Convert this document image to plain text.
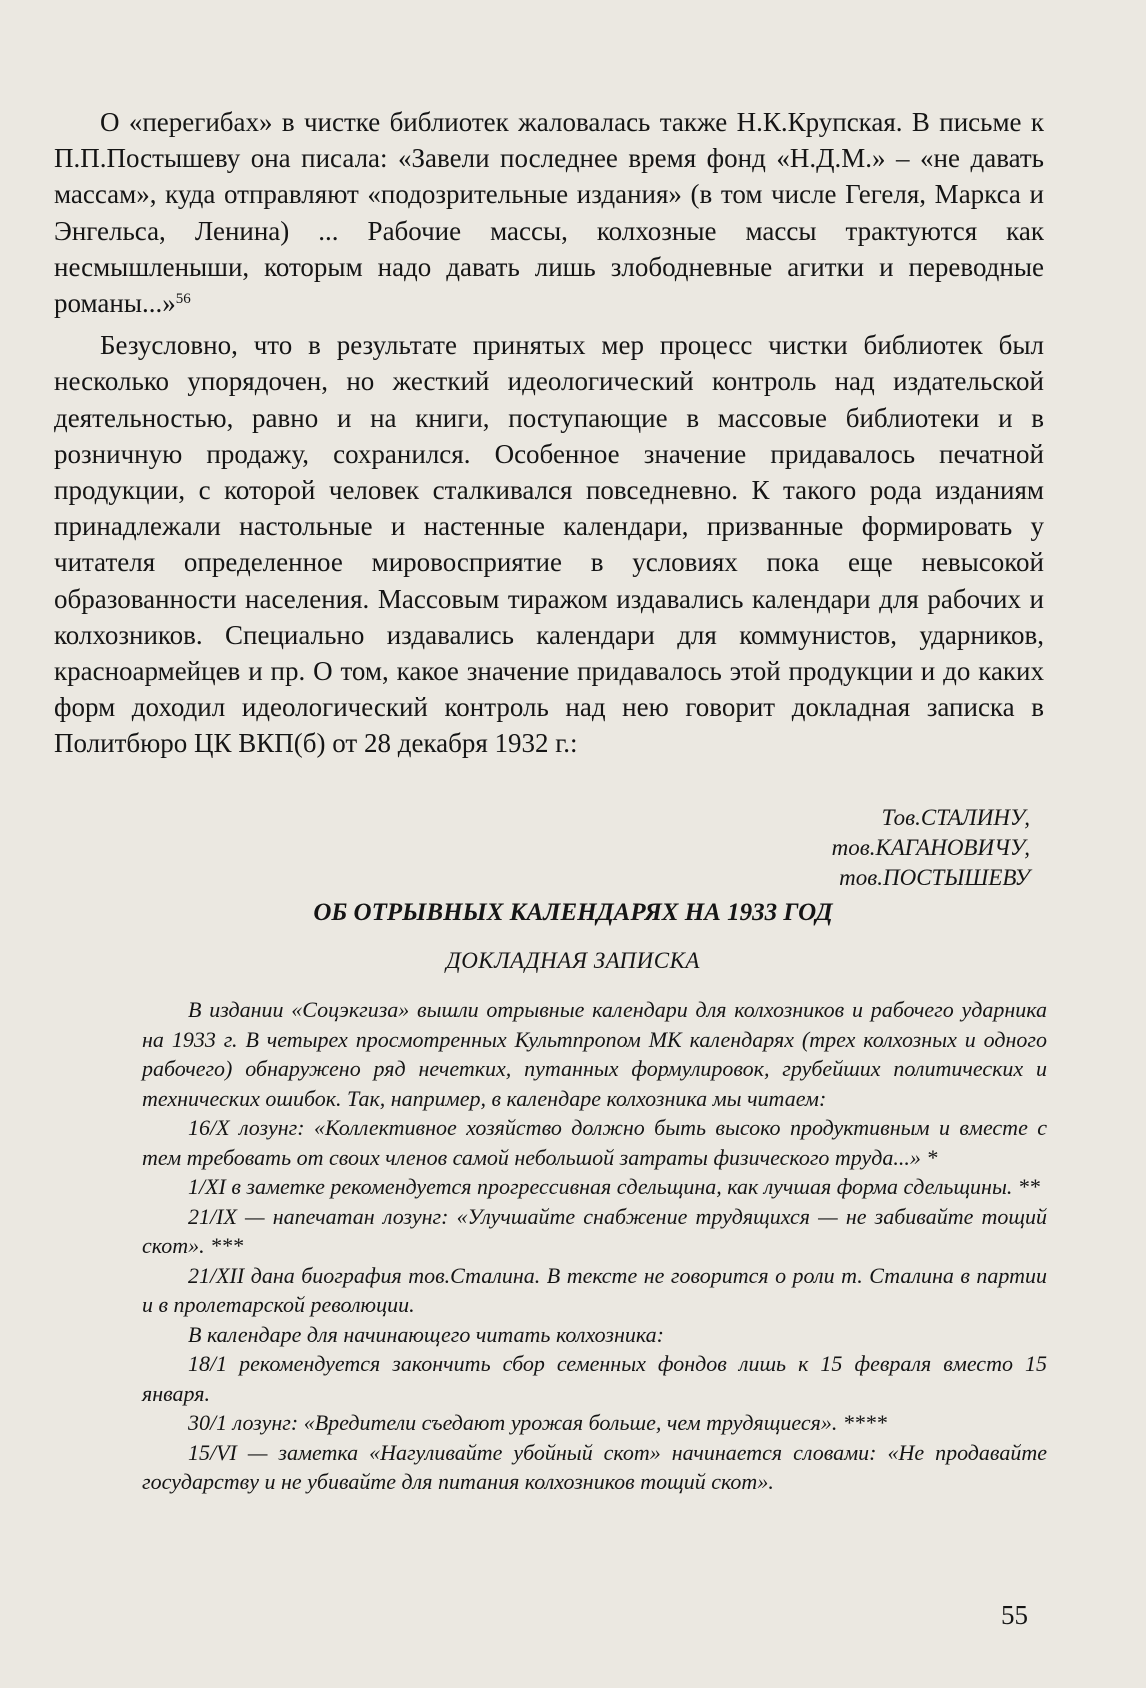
О «перегибах» в чистке библиотек жаловалась также Н.К.Крупская. В письме к П.П.Постышеву она писала: «Завели последнее время фонд «Н.Д.М.» – «не давать массам», куда отправляют «подозрительные издания» (в том числе Гегеля, Маркса и Энгельса, Ленина) ... Рабочие массы, колхозные массы трактуются как несмышленыши, которым надо давать лишь злободневные агитки и переводные романы...»$^{56}$

Безусловно, что в результате принятых мер процесс чистки библиотек был несколько упорядочен, но жесткий идеологический контроль над издательской деятельностью, равно и на книги, поступающие в массовые библиотеки и в розничную продажу, сохранился. Особенное значение придавалось печатной продукции, с которой человек сталкивался повседневно. К такого рода изданиям принадлежали настольные и настенные календари, призванные формировать у читателя определенное мировосприятие в условиях пока еще невысокой образованности населения. Массовым тиражом издавались календари для рабочих и колхозников. Специально издавались календари для коммунистов, ударников, красноармейцев и пр. О том, какое значение придавалось этой продукции и до каких форм доходил идеологический контроль над нею говорит докладная записка в Политбюро ЦК ВКП(б) от 28 декабря 1932 г.:

Тов.СТАЛИНУ,
тов.КАГАНОВИЧУ,
тов.ПОСТЫШЕВУ
ОБ ОТРЫВНЫХ КАЛЕНДАРЯХ НА 1933 ГОД
ДОКЛАДНАЯ ЗАПИСКА

В издании «Соцэкгиза» вышли отрывные календари для колхозников и рабочего ударника на 1933 г. В четырех просмотренных Культпропом МК календарях (трех колхозных и одного рабочего) обнаружено ряд нечетких, путанных формулировок, грубейших политических и технических ошибок. Так, например, в календаре колхозника мы читаем:

16/X лозунг: «Коллективное хозяйство должно быть высоко продуктивным и вместе с тем требовать от своих членов самой небольшой затраты физического труда...» *

1/XI в заметке рекомендуется прогрессивная сдельщина, как лучшая форма сдельщины. **

21/IX — напечатан лозунг: «Улучшайте снабжение трудящихся — не забивайте тощий скот». ***

21/XII дана биография тов.Сталина. В тексте не говорится о роли т. Сталина в партии и в пролетарской революции.

В календаре для начинающего читать колхозника:

18/1 рекомендуется закончить сбор семенных фондов лишь к 15 февраля вместо 15 января.

30/1 лозунг: «Вредители съедают урожая больше, чем трудящиеся». ****

15/VI — заметка «Нагуливайте убойный скот» начинается словами: «Не продавайте государству и не убивайте для питания колхозников тощий скот».

55
